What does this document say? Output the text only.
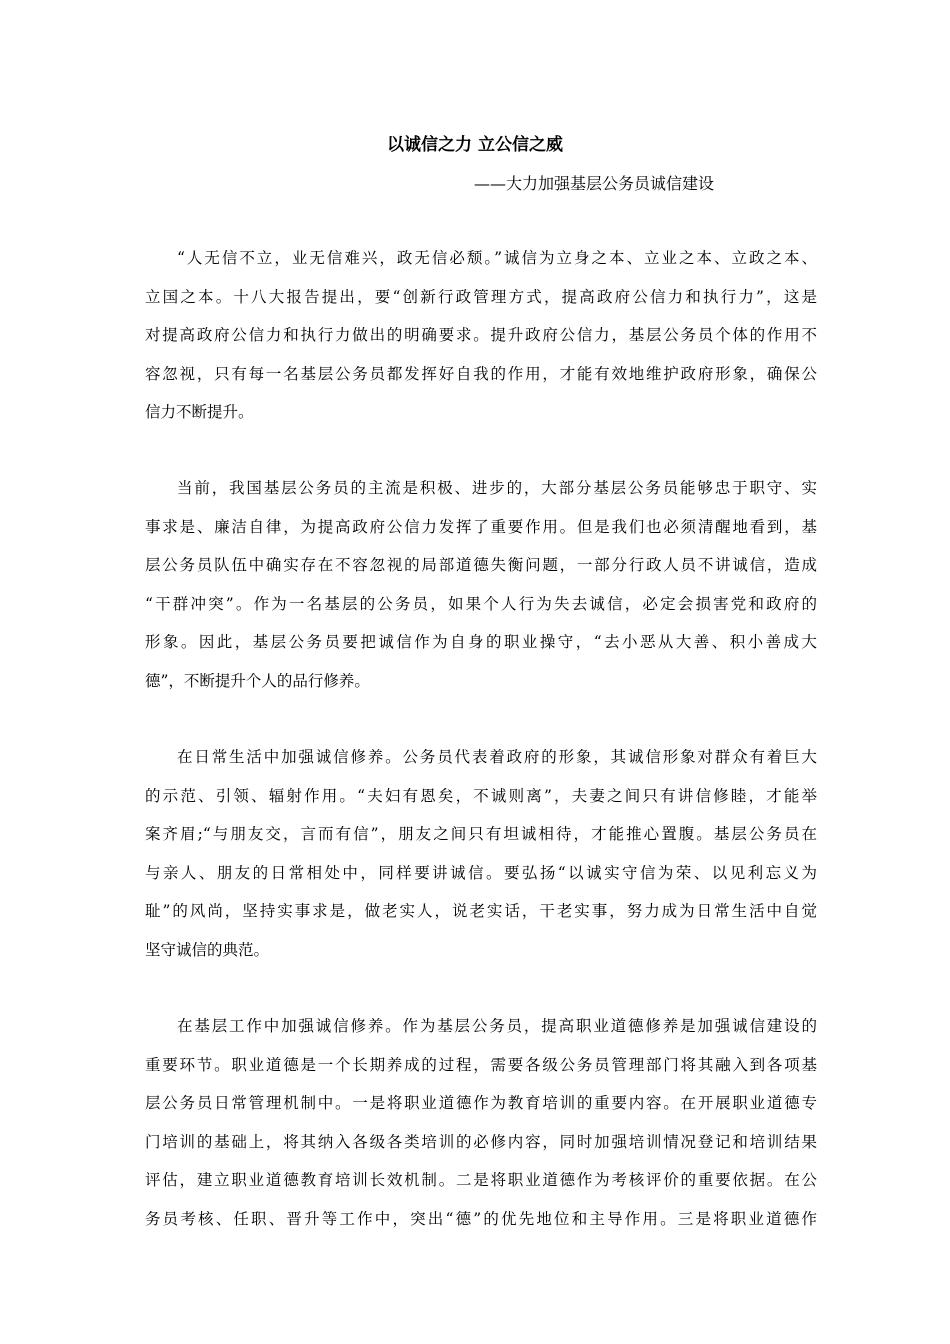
以诚信之力 立公信之威
——大力加强基层公务员诚信建设
“人无信不立，业无信难兴，政无信必颓。”诚信为立身之本、立业之本、立政之本、
立国之本。十八大报告提出，要“创新行政管理方式，提高政府公信力和执行力”，这是
对提高政府公信力和执行力做出的明确要求。提升政府公信力，基层公务员个体的作用不
容忽视，只有每一名基层公务员都发挥好自我的作用，才能有效地维护政府形象，确保公
信力不断提升。
当前，我国基层公务员的主流是积极、进步的，大部分基层公务员能够忠于职守、实
事求是、廉洁自律，为提高政府公信力发挥了重要作用。但是我们也必须清醒地看到，基
层公务员队伍中确实存在不容忽视的局部道德失衡问题，一部分行政人员不讲诚信，造成
“干群冲突”。作为一名基层的公务员，如果个人行为失去诚信，必定会损害党和政府的
形象。因此，基层公务员要把诚信作为自身的职业操守，“去小恶从大善、积小善成大
德”，不断提升个人的品行修养。
在日常生活中加强诚信修养。公务员代表着政府的形象，其诚信形象对群众有着巨大
的示范、引领、辐射作用。“夫妇有恩矣，不诚则离”，夫妻之间只有讲信修睦，才能举
案齐眉;“与朋友交，言而有信”，朋友之间只有坦诚相待，才能推心置腹。基层公务员在
与亲人、朋友的日常相处中，同样要讲诚信。要弘扬“以诚实守信为荣、以见利忘义为
耻”的风尚，坚持实事求是，做老实人，说老实话，干老实事，努力成为日常生活中自觉
坚守诚信的典范。
在基层工作中加强诚信修养。作为基层公务员，提高职业道德修养是加强诚信建设的
重要环节。职业道德是一个长期养成的过程，需要各级公务员管理部门将其融入到各项基
层公务员日常管理机制中。一是将职业道德作为教育培训的重要内容。在开展职业道德专
门培训的基础上，将其纳入各级各类培训的必修内容，同时加强培训情况登记和培训结果
评估，建立职业道德教育培训长效机制。二是将职业道德作为考核评价的重要依据。在公
务员考核、任职、晋升等工作中，突出“德”的优先地位和主导作用。三是将职业道德作
